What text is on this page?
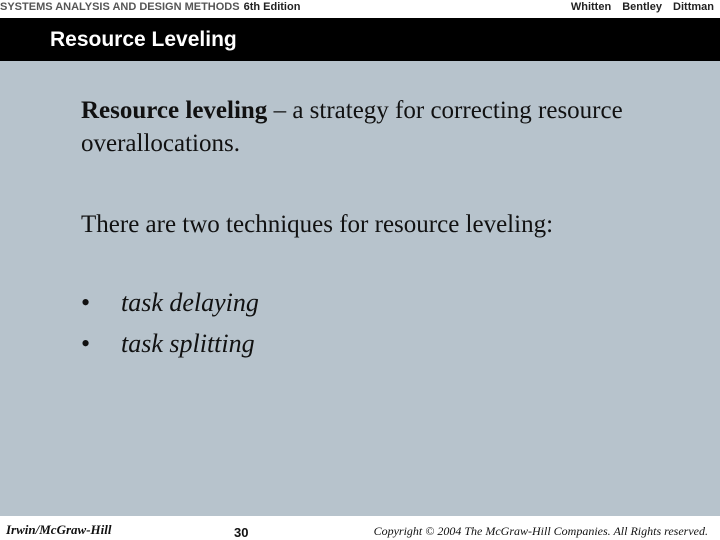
SYSTEMS ANALYSIS AND DESIGN METHODS 6th Edition	Whitten Bentley Dittman
Resource Leveling
Resource leveling – a strategy for correcting resource overallocations.
There are two techniques for resource leveling:
• task delaying
• task splitting
Irwin/McGraw-Hill	30	Copyright © 2004 The McGraw-Hill Companies. All Rights reserved.
